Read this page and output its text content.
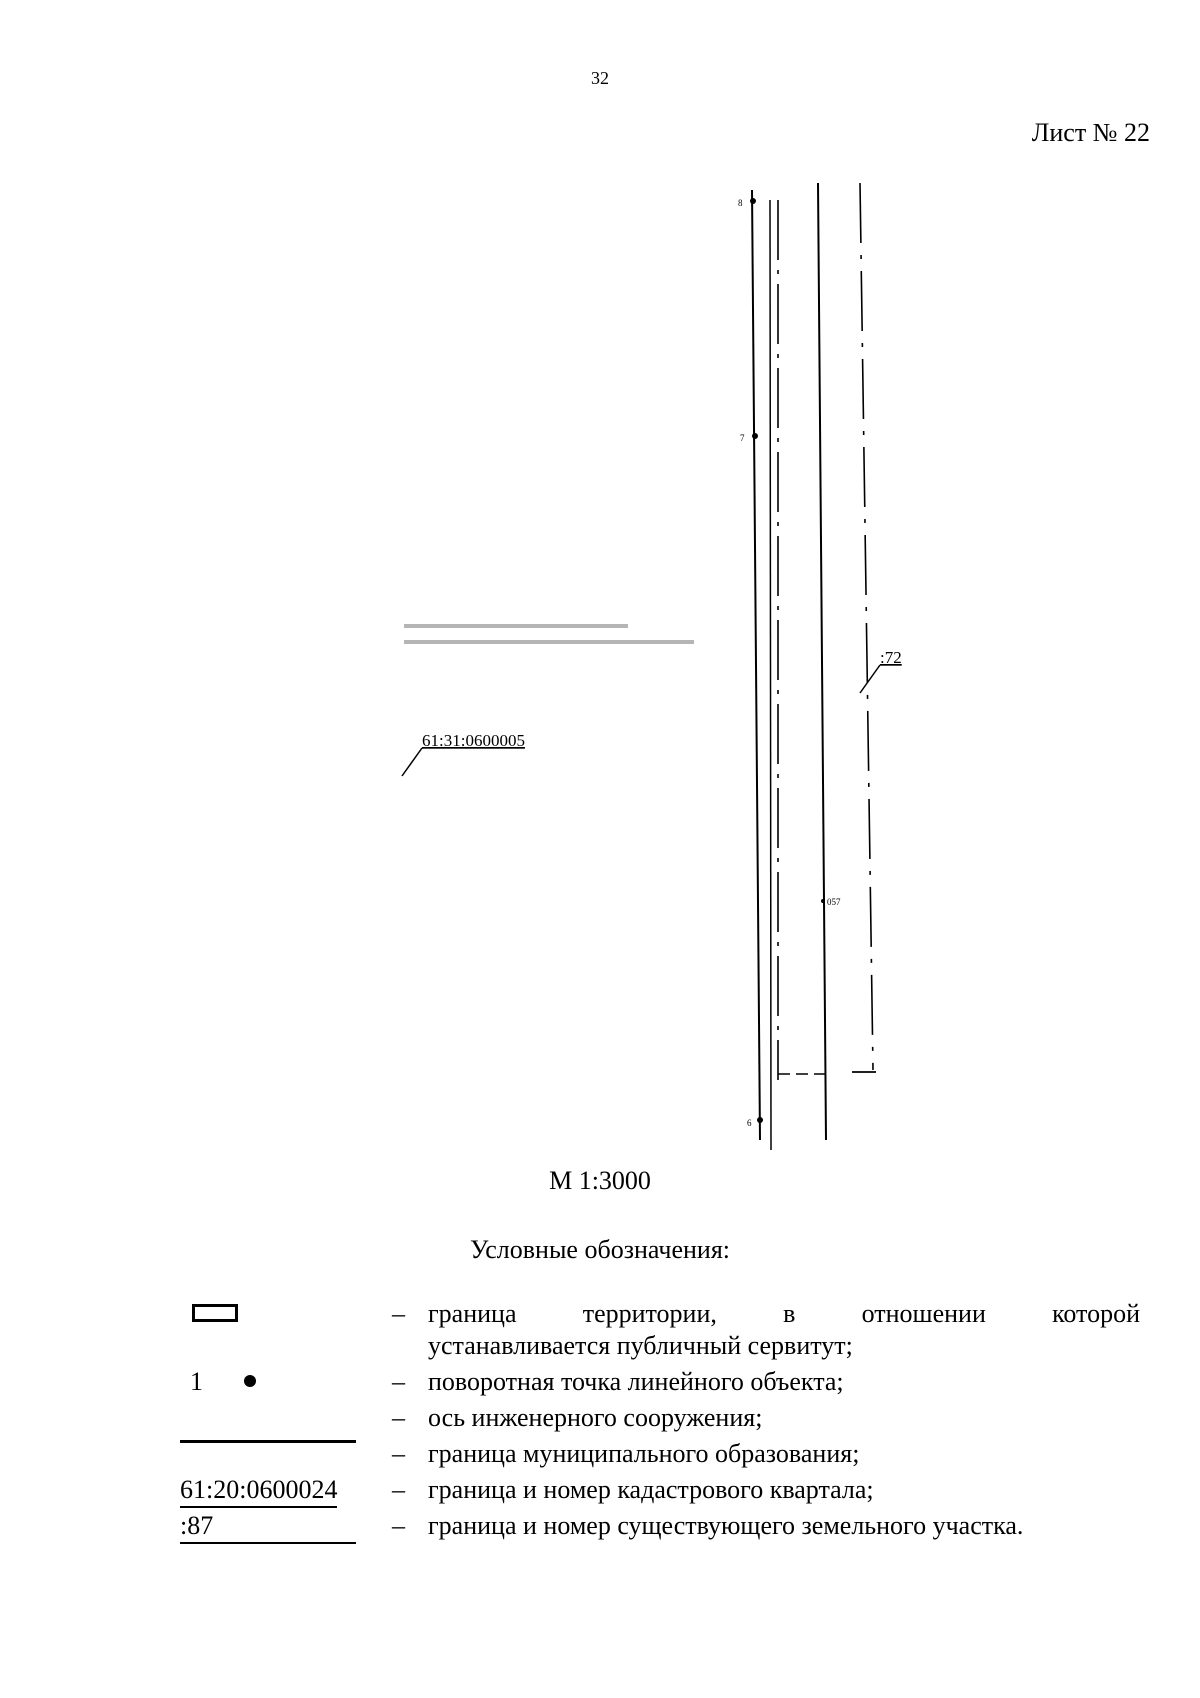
32
Лист № 22
8
7
6
057
:72
61:31:0600005
М 1:3000
Условные обозначения:
– граница территории, в отношении которой
устанавливается публичный сервитут;
1	– поворотная точка линейного объекта;
– ось инженерного сооружения;
– граница муниципального образования;
61:20:0600024 – граница и номер кадастрового квартала;
:87	– граница и номер существующего земельного участка.
